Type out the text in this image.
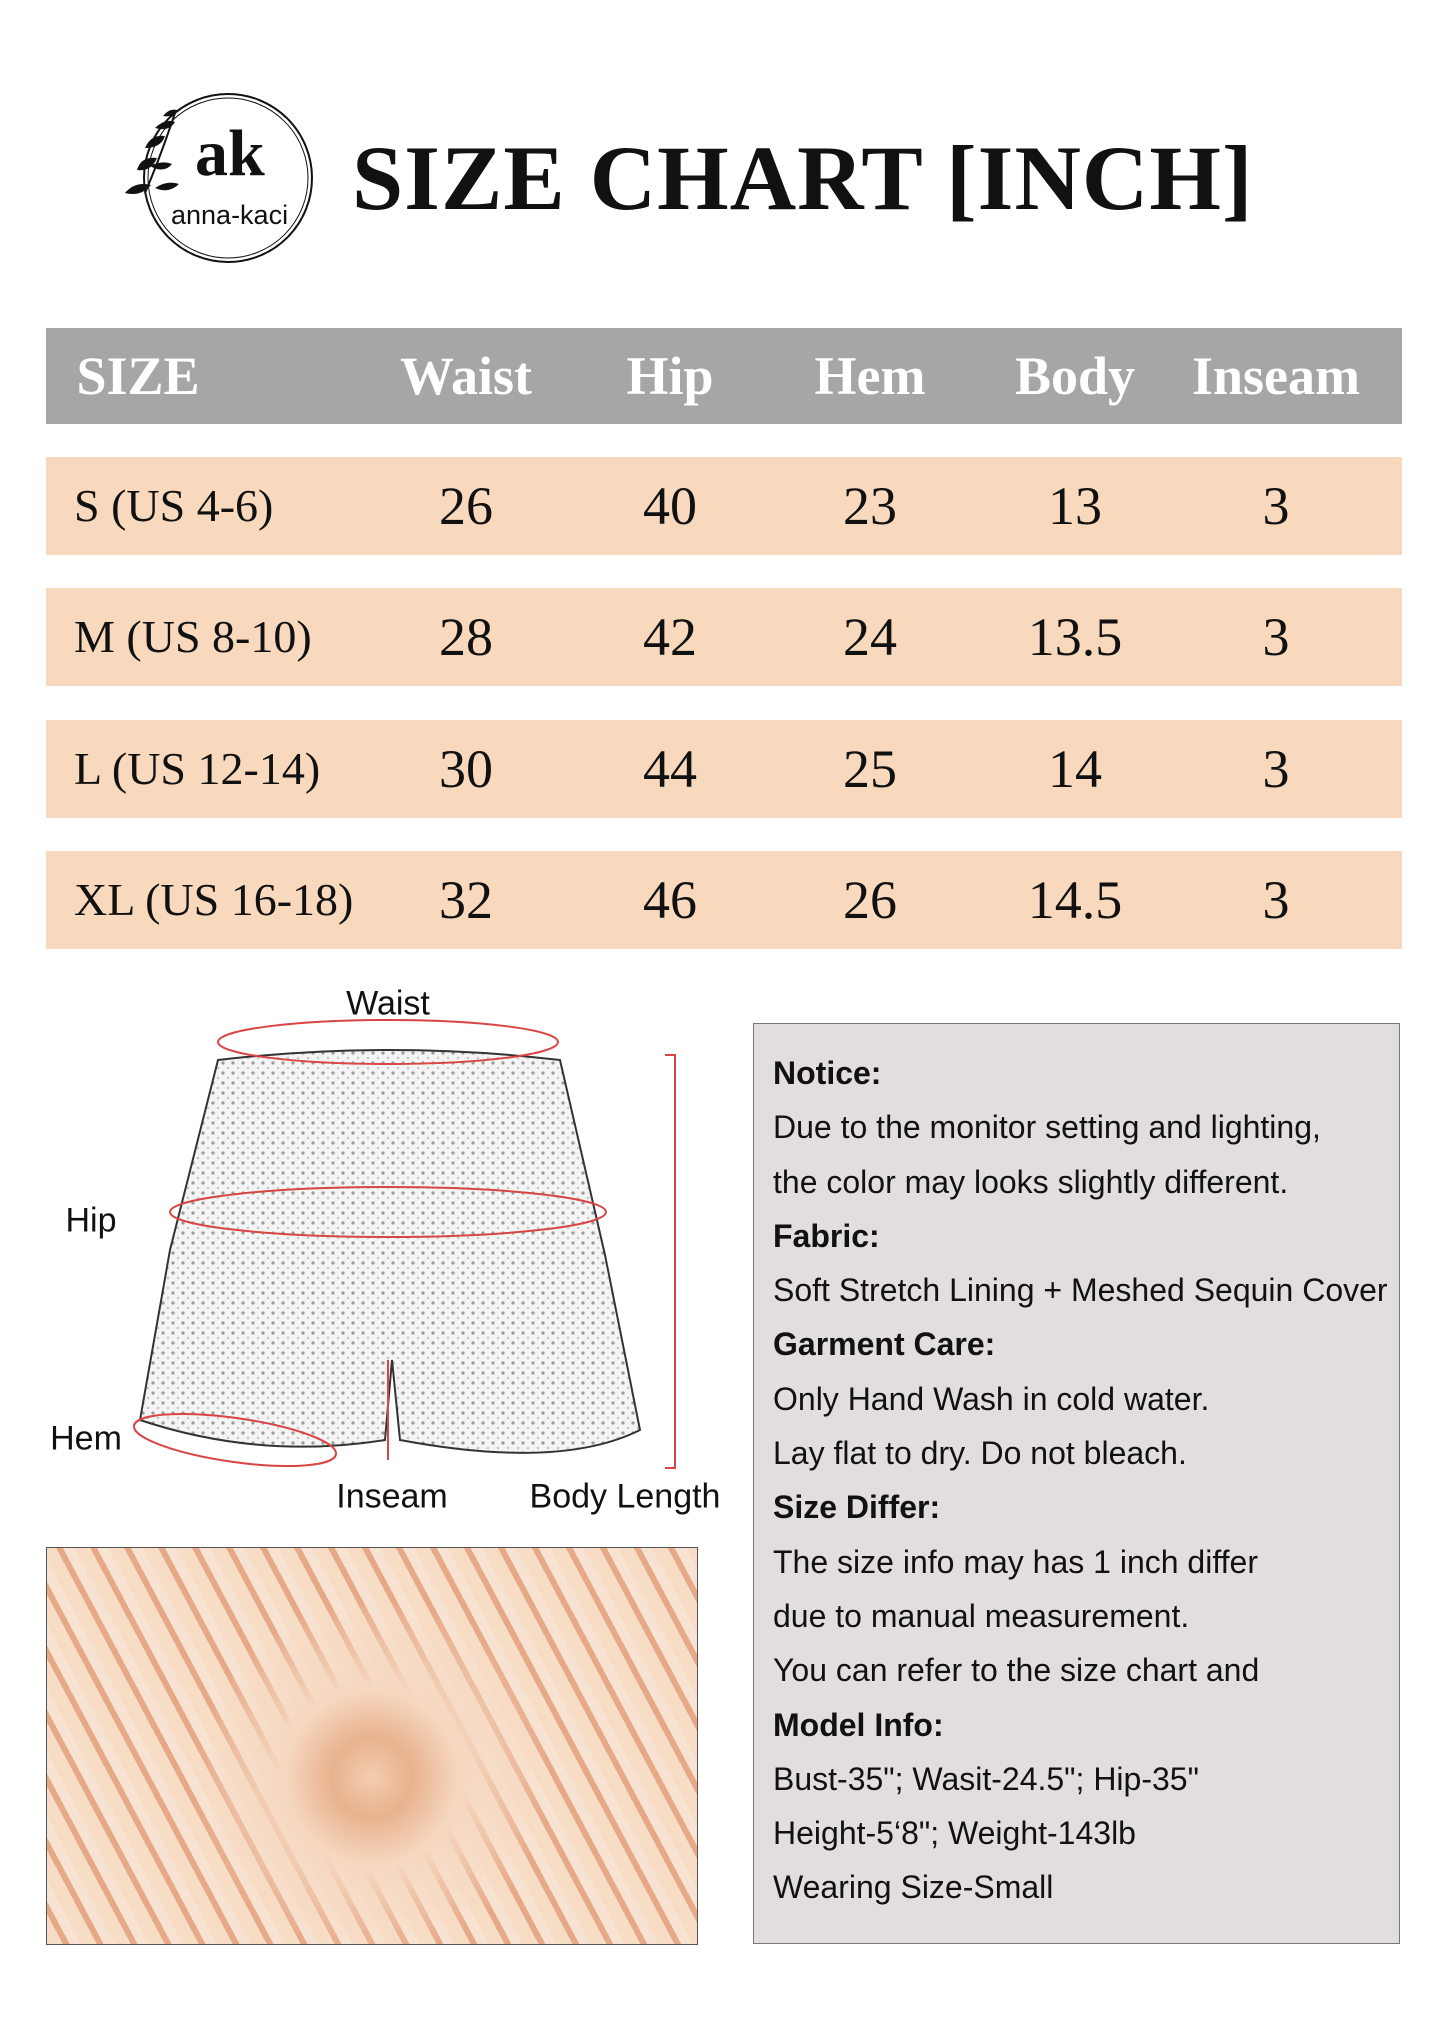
ak
anna-kaci SIZE CHART [INCH]
SIZE	Waist Hip Hem Body Inseam
S (US 4-6)	26	40	23	13	3
M (US 8-10) 28	42	24 13.5	3
L (US 12-14) 30	44	25	14	3
XL (US 16-18) 32	46	26 14.5	3
Waist
Hip
Hem
Inseam Body Length
Notice:
Due to the monitor setting and lighting,
the color may looks slightly different.
Fabric:
Soft Stretch Lining + Meshed Sequin Cover
Garment Care:
Only Hand Wash in cold water.
Lay flat to dry. Do not bleach.
Size Differ:
The size info may has 1 inch differ
due to manual measurement.
You can refer to the size chart and
Model Info:
Bust-35"; Wasit-24.5"; Hip-35"
Height-5‘8"; Weight-143lb
Wearing Size-Small
